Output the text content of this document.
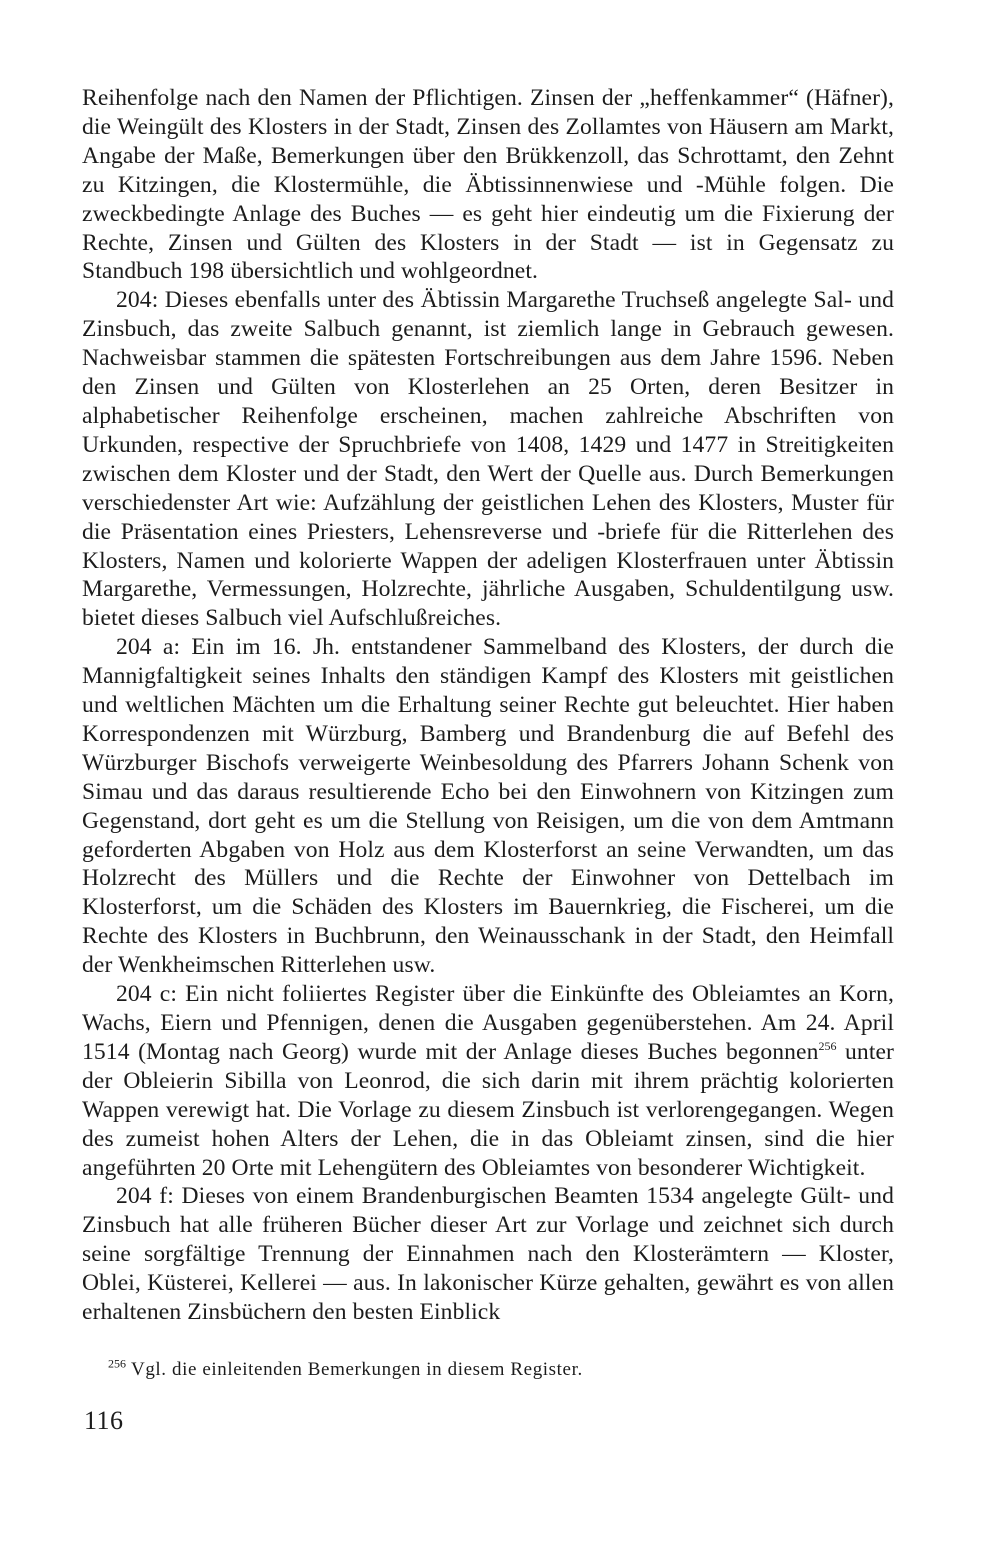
Reihenfolge nach den Namen der Pflichtigen. Zinsen der „heffenkammer“ (Häfner), die Weingült des Klosters in der Stadt, Zinsen des Zollamtes von Häusern am Markt, Angabe der Maße, Bemerkungen über den Brükkenzoll, das Schrottamt, den Zehnt zu Kitzingen, die Klostermühle, die Äbtissinnenwiese und -Mühle folgen. Die zweckbedingte Anlage des Buches — es geht hier eindeutig um die Fixierung der Rechte, Zinsen und Gülten des Klosters in der Stadt — ist in Gegensatz zu Standbuch 198 übersichtlich und wohlgeordnet.

204: Dieses ebenfalls unter des Äbtissin Margarethe Truchseß angelegte Sal- und Zinsbuch, das zweite Salbuch genannt, ist ziemlich lange in Gebrauch gewesen. Nachweisbar stammen die spätesten Fortschreibungen aus dem Jahre 1596. Neben den Zinsen und Gülten von Klosterlehen an 25 Orten, deren Besitzer in alphabetischer Reihenfolge erscheinen, machen zahlreiche Abschriften von Urkunden, respective der Spruchbriefe von 1408, 1429 und 1477 in Streitigkeiten zwischen dem Kloster und der Stadt, den Wert der Quelle aus. Durch Bemerkungen verschiedenster Art wie: Aufzählung der geistlichen Lehen des Klosters, Muster für die Präsentation eines Priesters, Lehensreverse und -briefe für die Ritterlehen des Klosters, Namen und kolorierte Wappen der adeligen Klosterfrauen unter Äbtissin Margarethe, Vermessungen, Holzrechte, jährliche Ausgaben, Schuldentilgung usw. bietet dieses Salbuch viel Aufschlußreiches.

204 a: Ein im 16. Jh. entstandener Sammelband des Klosters, der durch die Mannigfaltigkeit seines Inhalts den ständigen Kampf des Klosters mit geistlichen und weltlichen Mächten um die Erhaltung seiner Rechte gut beleuchtet. Hier haben Korrespondenzen mit Würzburg, Bamberg und Brandenburg die auf Befehl des Würzburger Bischofs verweigerte Weinbesoldung des Pfarrers Johann Schenk von Simau und das daraus resultierende Echo bei den Einwohnern von Kitzingen zum Gegenstand, dort geht es um die Stellung von Reisigen, um die von dem Amtmann geforderten Abgaben von Holz aus dem Klosterforst an seine Verwandten, um das Holzrecht des Müllers und die Rechte der Einwohner von Dettelbach im Klosterforst, um die Schäden des Klosters im Bauernkrieg, die Fischerei, um die Rechte des Klosters in Buchbrunn, den Weinausschank in der Stadt, den Heimfall der Wenkheimschen Ritterlehen usw.

204 c: Ein nicht foliiertes Register über die Einkünfte des Obleiamtes an Korn, Wachs, Eiern und Pfennigen, denen die Ausgaben gegenüberstehen. Am 24. April 1514 (Montag nach Georg) wurde mit der Anlage dieses Buches begonnen$^{256}$ unter der Obleierin Sibilla von Leonrod, die sich darin mit ihrem prächtig kolorierten Wappen verewigt hat. Die Vorlage zu diesem Zinsbuch ist verlorengegangen. Wegen des zumeist hohen Alters der Lehen, die in das Obleiamt zinsen, sind die hier angeführten 20 Orte mit Lehengütern des Obleiamtes von besonderer Wichtigkeit.

204 f: Dieses von einem Brandenburgischen Beamten 1534 angelegte Gült- und Zinsbuch hat alle früheren Bücher dieser Art zur Vorlage und zeichnet sich durch seine sorgfältige Trennung der Einnahmen nach den Klosterämtern — Kloster, Oblei, Küsterei, Kellerei — aus. In lakonischer Kürze gehalten, gewährt es von allen erhaltenen Zinsbüchern den besten Einblick

$^{256}$ Vgl. die einleitenden Bemerkungen in diesem Register.
116
